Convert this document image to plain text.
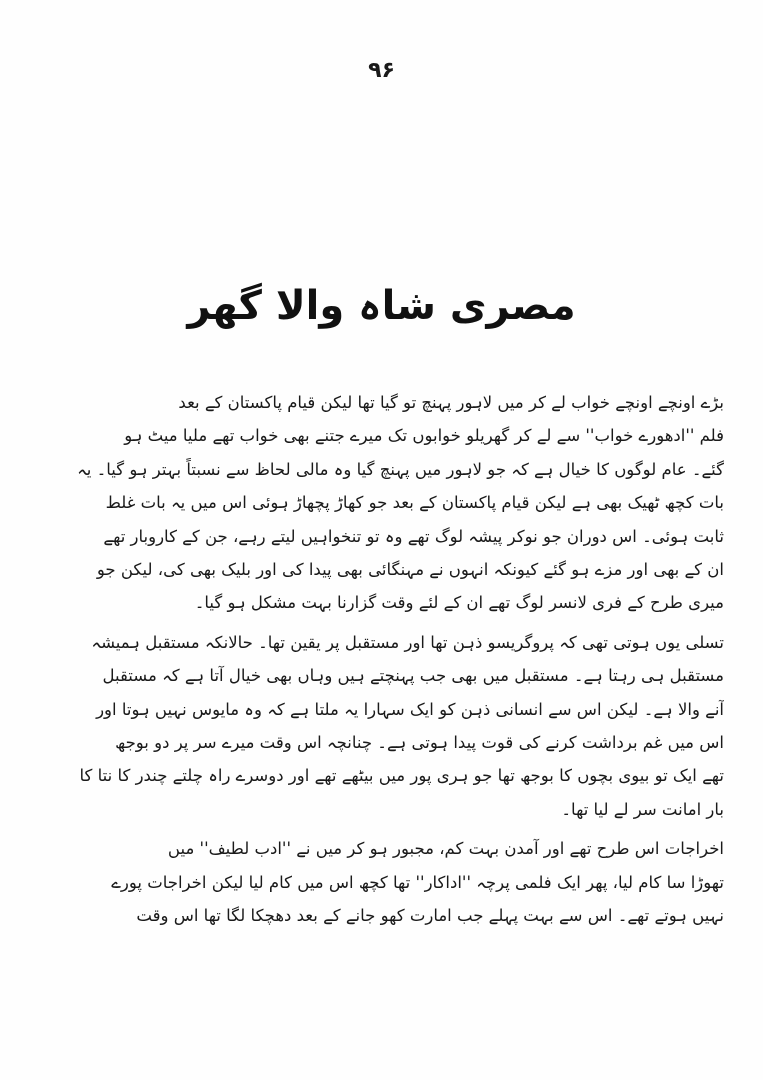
۹۶
مصری شاہ والا گھر

بڑے اونچے اونچے خواب لے کر میں لاہور پہنچ تو گیا تھا لیکن قیام پاکستان کے بعد
فلم ''ادھورے خواب'' سے لے کر گھریلو خوابوں تک میرے جتنے بھی خواب تھے ملیا میٹ ہو
گئے۔ عام لوگوں کا خیال ہے کہ جو لاہور میں پہنچ گیا وہ مالی لحاظ سے نسبتاً بہتر ہو گیا۔ یہ
بات کچھ ٹھیک بھی ہے لیکن قیام پاکستان کے بعد جو کھاڑ پچھاڑ ہوئی اس میں یہ بات غلط
ثابت ہوئی۔ اس دوران جو نوکر پیشہ لوگ تھے وہ تو تنخواہیں لیتے رہے، جن کے کاروبار تھے
ان کے بھی اور مزے ہو گئے کیونکہ انہوں نے مہنگائی بھی پیدا کی اور بلیک بھی کی، لیکن جو
میری طرح کے فری لانسر لوگ تھے ان کے لئے وقت گزارنا بہت مشکل ہو گیا۔

تسلی یوں ہوتی تھی کہ پروگریسو ذہن تھا اور مستقبل پر یقین تھا۔ حالانکہ مستقبل ہمیشہ
مستقبل ہی رہتا ہے۔ مستقبل میں بھی جب پہنچتے ہیں وہاں بھی خیال آتا ہے کہ مستقبل
آنے والا ہے۔ لیکن اس سے انسانی ذہن کو ایک سہارا یہ ملتا ہے کہ وہ مایوس نہیں ہوتا اور
اس میں غم برداشت کرنے کی قوت پیدا ہوتی ہے۔ چنانچہ اس وقت میرے سر پر دو بوجھ
تھے ایک تو بیوی بچوں کا بوجھ تھا جو ہری پور میں بیٹھے تھے اور دوسرے راہ چلتے چندر کا نتا کا
بار امانت سر لے لیا تھا۔

اخراجات اس طرح تھے اور آمدن بہت کم، مجبور ہو کر میں نے ''ادب لطیف'' میں
تھوڑا سا کام لیا، پھر ایک فلمی پرچہ ''اداکار'' تھا کچھ اس میں کام لیا لیکن اخراجات پورے
نہیں ہوتے تھے۔ اس سے بہت پہلے جب امارت کھو جانے کے بعد دھچکا لگا تھا اس وقت
